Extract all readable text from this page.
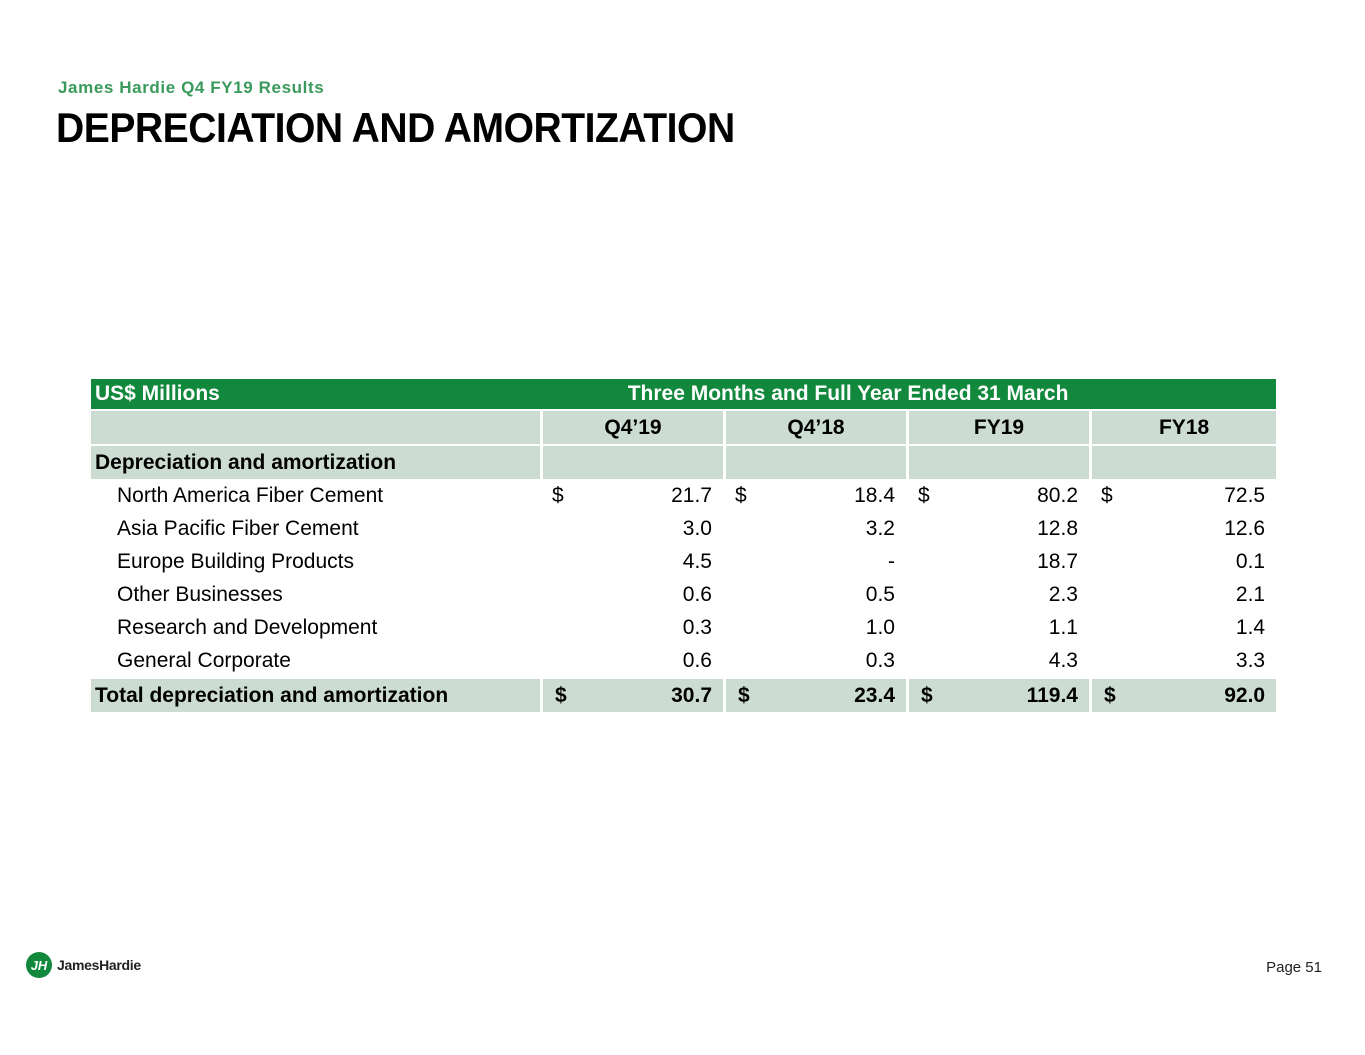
James Hardie Q4 FY19 Results
DEPRECIATION AND AMORTIZATION
US$ Millions	Three Months and Full Year Ended 31 March							
	Q4’19		Q4’18		FY19		FY18	
Depreciation and amortization								
North America Fiber Cement	$	21.7	$	18.4	$	80.2	$	72.5
Asia Pacific Fiber Cement		3.0		3.2		12.8		12.6
Europe Building Products		4.5		-		18.7		0.1
Other Businesses		0.6		0.5		2.3		2.1
Research and Development		0.3		1.0		1.1		1.4
General Corporate		0.6		0.3		4.3		3.3
Total depreciation and amortization	$	30.7	$	23.4	$	119.4	$	92.0
JH JamesHardie	Page 51
